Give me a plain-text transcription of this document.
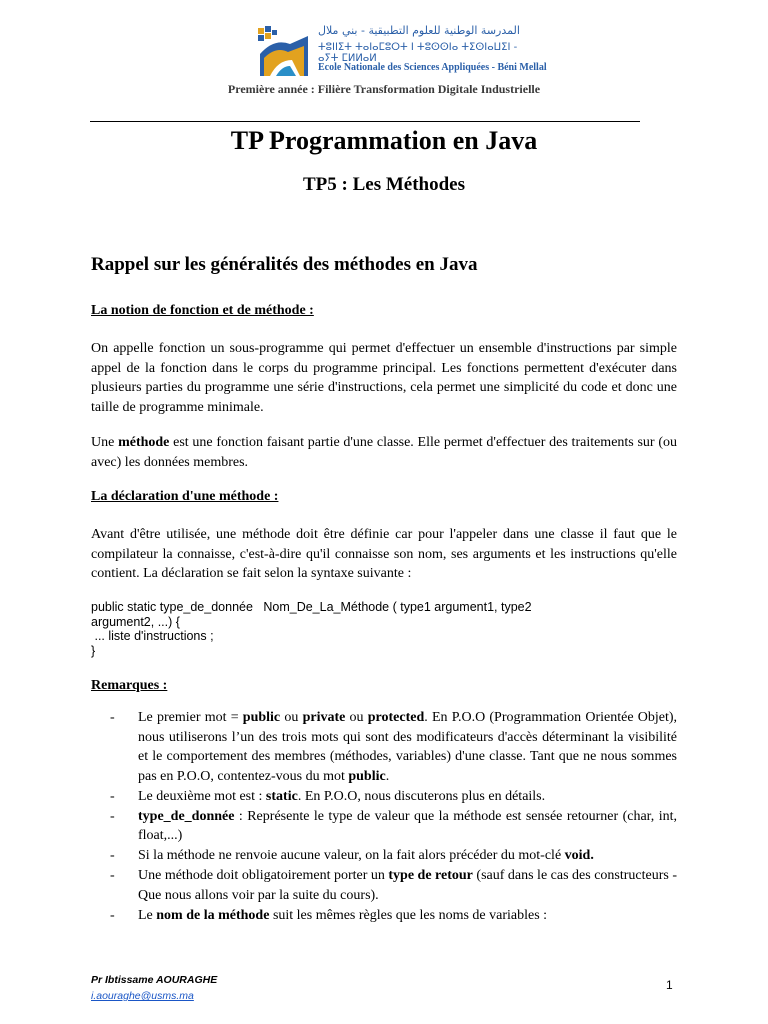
المدرسة الوطنية للعلوم التطبيقية - بني ملال
ⵜⵓⵏⵏⵉⵜ ⵜⴰⵏⴰⵎⵓⵔⵜ ⵏ ⵜⵓⵙⵙⵏⴰ ⵜⵉⵙⵏⴰⵡⵉⵏ - ⴰⵢⵜ ⵎⵍⵍⴰⵍ
Ecole Nationale des Sciences Appliquées - Béni Mellal
Première année : Filière Transformation Digitale Industrielle
TP Programmation en Java
TP5 : Les Méthodes
Rappel sur les généralités des méthodes en Java
La notion de fonction et de méthode :
On appelle fonction un sous-programme qui permet d'effectuer un ensemble d'instructions par simple appel de la fonction dans le corps du programme principal. Les fonctions permettent d'exécuter dans plusieurs parties du programme une série d'instructions, cela permet une simplicité du code et donc une taille de programme minimale.
Une méthode est une fonction faisant partie d'une classe. Elle permet d'effectuer des traitements sur (ou avec) les données membres.
La déclaration d'une méthode :
Avant d'être utilisée, une méthode doit être définie car pour l'appeler dans une classe il faut que le compilateur la connaisse, c'est-à-dire qu'il connaisse son nom, ses arguments et les instructions qu'elle contient. La déclaration se fait selon la syntaxe suivante :
public static type_de_donnée   Nom_De_La_Méthode ( type1 argument1, type2
argument2, ...) {
... liste d'instructions ;
}
Remarques :
- Le premier mot = public ou private ou protected. En P.O.O (Programmation Orientée Objet), nous utiliserons l’un des trois mots qui sont des modificateurs d'accès déterminant la visibilité et le comportement des membres (méthodes, variables) d'une classe. Tant que ne nous sommes pas en P.O.O, contentez-vous du mot public.
- Le deuxième mot est : static. En P.O.O, nous discuterons plus en détails.
- type_de_donnée : Représente le type de valeur que la méthode est sensée retourner (char, int, float,...)
- Si la méthode ne renvoie aucune valeur, on la fait alors précéder du mot-clé void.
- Une méthode doit obligatoirement porter un type de retour (sauf dans le cas des constructeurs -Que nous allons voir par la suite du cours).
- Le nom de la méthode suit les mêmes règles que les noms de variables :
Pr Ibtissame AOURAGHE
i.aouraghe@usms.ma
1
